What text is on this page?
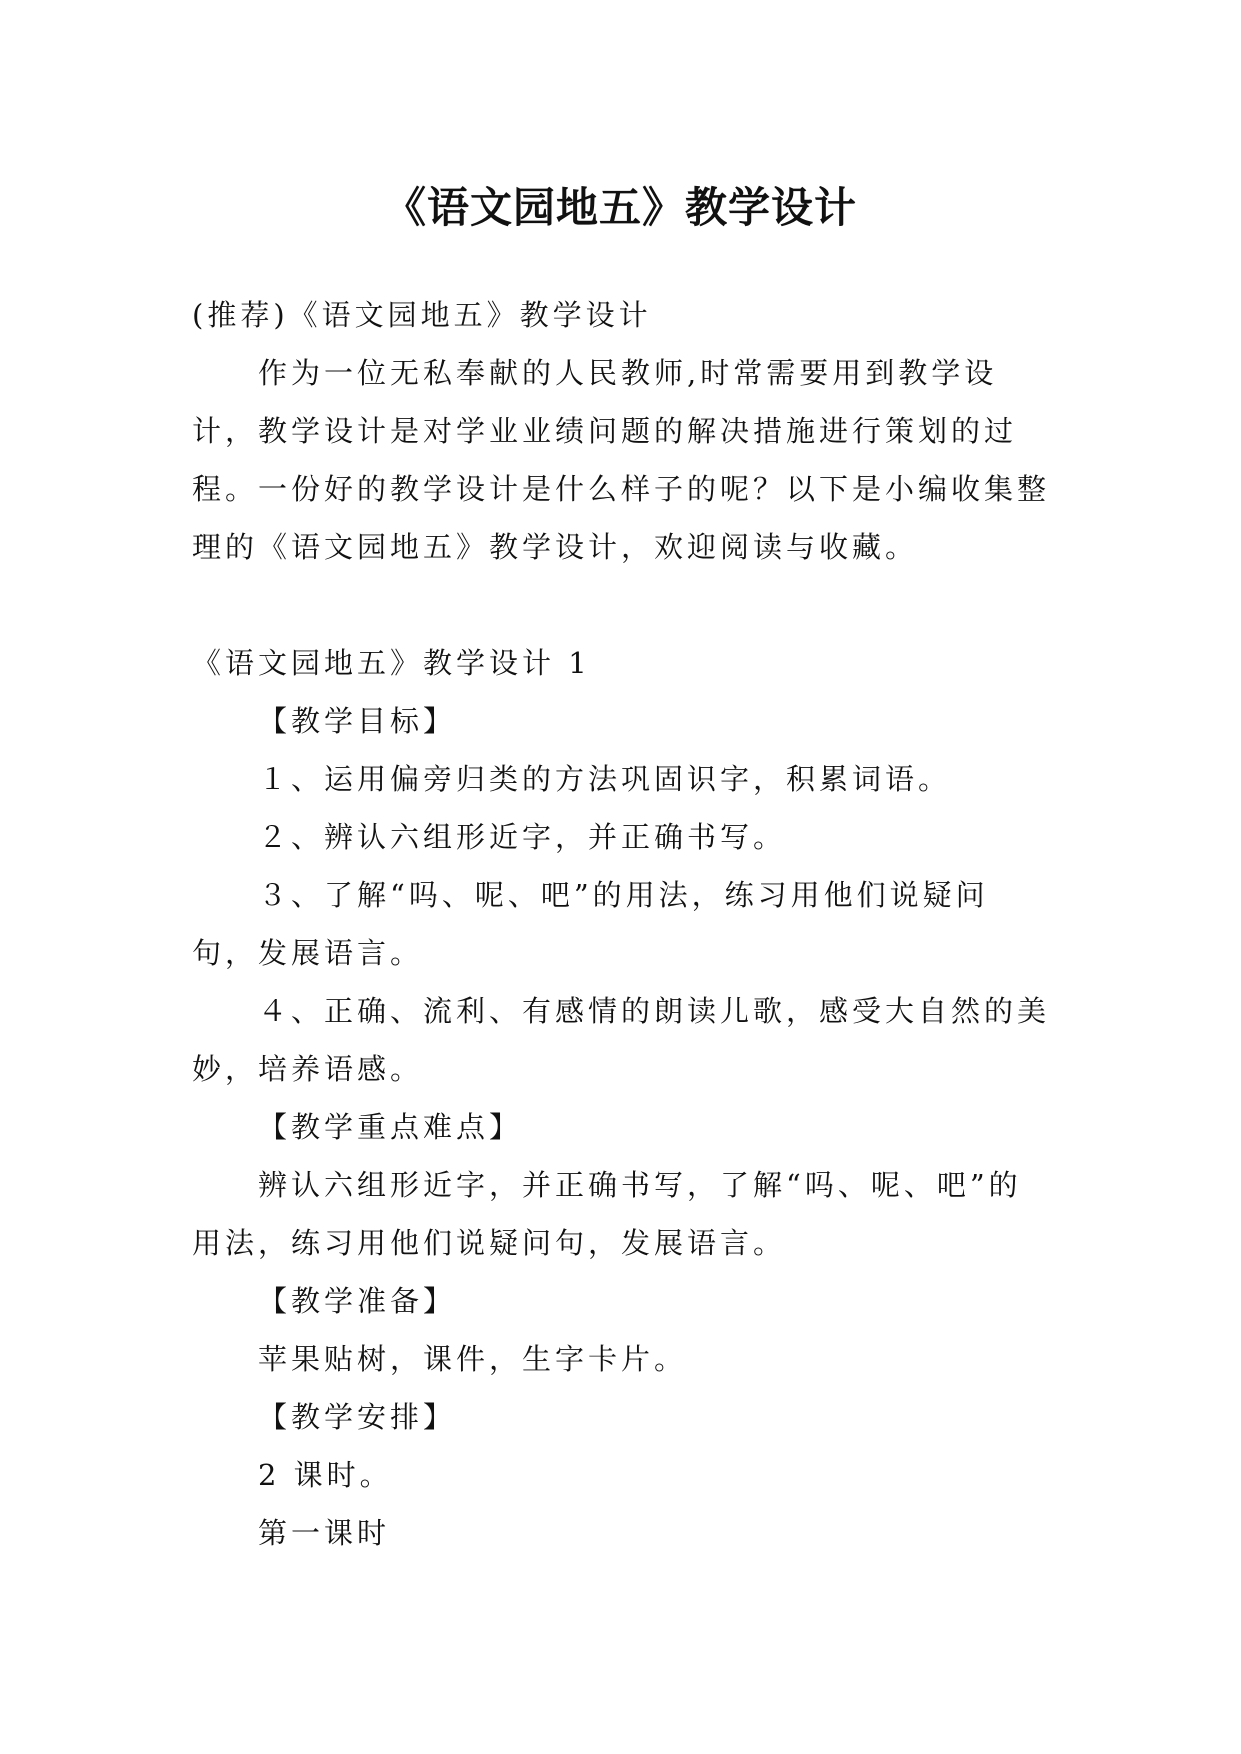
《语文园地五》教学设计

(推荐)《语文园地五》教学设计

作为一位无私奉献的人民教师,时常需要用到教学设计，教学设计是对学业业绩问题的解决措施进行策划的过程。一份好的教学设计是什么样子的呢？以下是小编收集整理的《语文园地五》教学设计，欢迎阅读与收藏。

《语文园地五》教学设计 1

【教学目标】

１、运用偏旁归类的方法巩固识字，积累词语。

２、辨认六组形近字，并正确书写。

３、了解“吗、呢、吧”的用法，练习用他们说疑问句，发展语言。

４、正确、流利、有感情的朗读儿歌，感受大自然的美妙，培养语感。

【教学重点难点】

辨认六组形近字，并正确书写，了解“吗、呢、吧”的用法，练习用他们说疑问句，发展语言。

【教学准备】

苹果贴树，课件，生字卡片。

【教学安排】

2 课时。

第一课时
